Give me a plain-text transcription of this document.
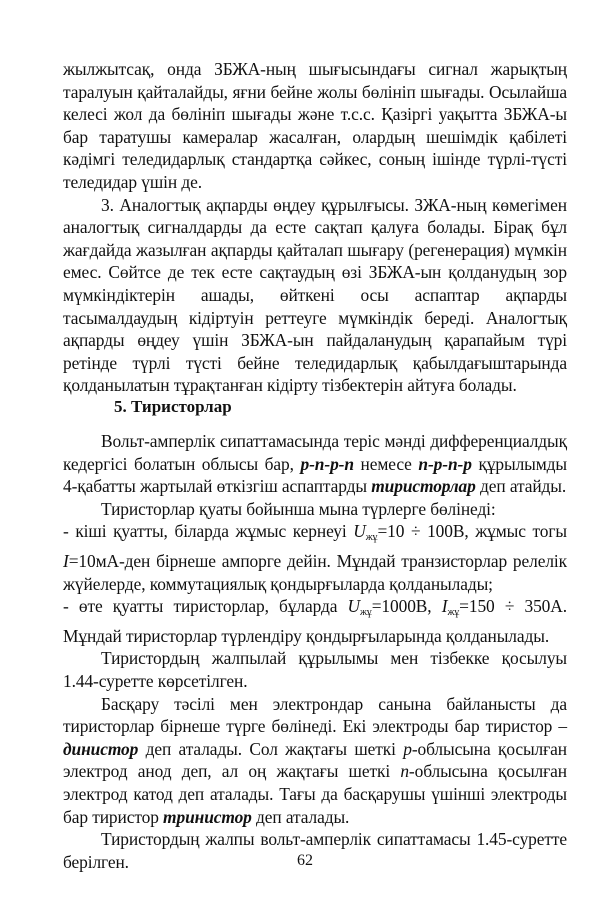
жылжытсақ, онда ЗБЖА-ның шығысындағы сигнал жарықтың таралуын қайталайды, яғни бейне жолы бөлініп шығады. Осылайша келесі жол да бөлініп шығады және т.с.с. Қазіргі уақытта ЗБЖА-ы бар таратушы камералар жасалған, олардың шешімдік қабілеті кәдімгі теледидарлық стандартқа сәйкес, соның ішінде түрлі-түсті теледидар үшін де.

3. Аналогтық ақпарды өңдеу құрылғысы. ЗЖА-ның көмегімен аналогтық сигналдарды да есте сақтап қалуға болады. Бірақ бұл жағдайда жазылған ақпарды қайталап шығару (регенерация) мүмкін емес. Сөйтсе де тек есте сақтаудың өзі ЗБЖА-ын қолданудың зор мүмкіндіктерін ашады, өйткені осы аспаптар ақпарды тасымалдаудың кідіртуін реттеуге мүмкіндік береді. Аналогтық ақпарды өңдеу үшін ЗБЖА-ын пайдаланудың қарапайым түрі ретінде түрлі түсті бейне теледидарлық қабылдағыштарында қолданылатын тұрақтанған кідірту тізбектерін айтуға болады.

5. Тиристорлар

Вольт-амперлік сипаттамасында теріс мәнді дифференциалдық кедергісі болатын облысы бар, p-n-p-n немесе n-p-n-p құрылымды 4-қабатты жартылай өткізгіш аспаптарды тиристорлар деп атайды.

Тиристорлар қуаты бойынша мына түрлерге бөлінеді:

- кіші қуатты, біларда жұмыс кернеуі $U_{жұ}=10 \div 100В$, жұмыс тогы I=10мА-ден бірнеше ампорге дейін. Мұндай транзисторлар релелік жүйелерде, коммутациялық қондырғыларда қолданылады;

- өте қуатты тиристорлар, бұларда $U_{жұ}=1000В$, $I_{жұ}=150 \div 350А$. Мұндай тиристорлар түрлендіру қондырғыларында қолданылады.

Тиристордың жалпылай құрылымы мен тізбекке қосылуы 1.44-суретте көрсетілген.

Басқару тәсілі мен электрондар санына байланысты да тиристорлар бірнеше түрге бөлінеді. Екі электроды бар тиристор – динистор деп аталады. Сол жақтағы шеткі p-облысына қосылған электрод анод деп, ал оң жақтағы шеткі n-облысына қосылған электрод катод деп аталады. Тағы да басқарушы үшінші электроды бар тиристор тринистор деп аталады.

Тиристордың жалпы вольт-амперлік сипаттамасы 1.45-суретте берілген.	62
